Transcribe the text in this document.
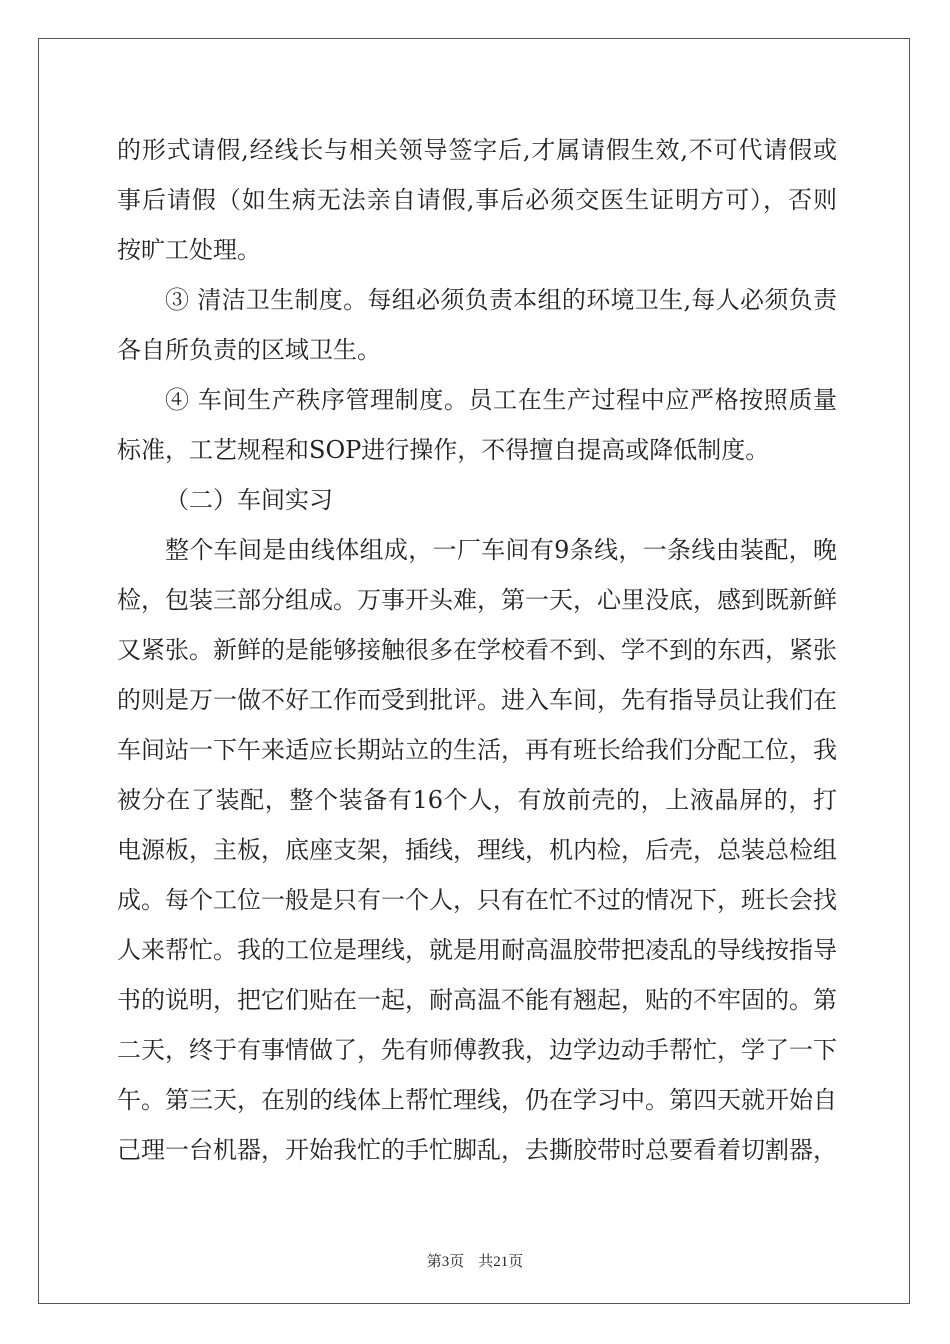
的形式请假,经线长与相关领导签字后,才属请假生效,不可代请假或
事后请假（如生病无法亲自请假,事后必须交医生证明方可），否则
按旷工处理。
③ 清洁卫生制度。每组必须负责本组的环境卫生,每人必须负责
各自所负责的区域卫生。
④ 车间生产秩序管理制度。员工在生产过程中应严格按照质量
标准，工艺规程和SOP进行操作，不得擅自提高或降低制度。
（二）车间实习
整个车间是由线体组成，一厂车间有9条线，一条线由装配，晚
检，包装三部分组成。万事开头难，第一天，心里没底，感到既新鲜
又紧张。新鲜的是能够接触很多在学校看不到、学不到的东西，紧张
的则是万一做不好工作而受到批评。进入车间，先有指导员让我们在
车间站一下午来适应长期站立的生活，再有班长给我们分配工位，我
被分在了装配，整个装备有16个人，有放前壳的，上液晶屏的，打
电源板，主板，底座支架，插线，理线，机内检，后壳，总装总检组
成。每个工位一般是只有一个人，只有在忙不过的情况下，班长会找
人来帮忙。我的工位是理线，就是用耐高温胶带把凌乱的导线按指导
书的说明，把它们贴在一起，耐高温不能有翘起，贴的不牢固的。第
二天，终于有事情做了，先有师傅教我，边学边动手帮忙，学了一下
午。第三天，在别的线体上帮忙理线，仍在学习中。第四天就开始自
己理一台机器，开始我忙的手忙脚乱，去撕胶带时总要看着切割器，
第3页 共21页
